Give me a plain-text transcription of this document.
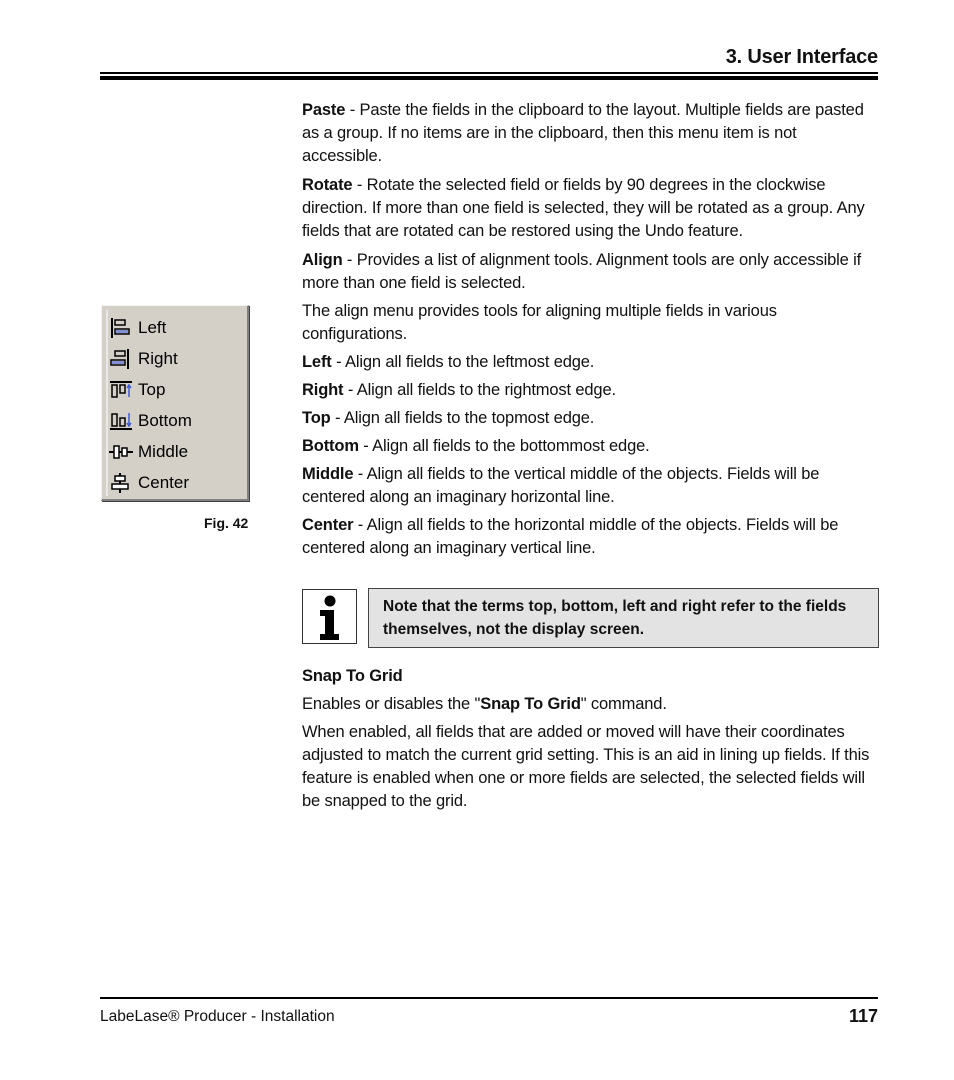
3. User Interface

Paste - Paste the fields in the clipboard to the layout. Multiple fields are pasted as a group. If no items are in the clipboard, then this menu item is not accessible.

Rotate - Rotate the selected field or fields by 90 degrees in the clockwise direction. If more than one field is selected, they will be rotated as a group. Any fields that are rotated can be restored using the Undo feature.

Align - Provides a list of alignment tools. Alignment tools are only accessible if more than one field is selected.

The align menu provides tools for aligning multiple fields in various configurations.

Left - Align all fields to the leftmost edge.

Right - Align all fields to the rightmost edge.

Top - Align all fields to the topmost edge.

Bottom - Align all fields to the bottommost edge.

Middle - Align all fields to the vertical middle of the objects. Fields will be centered along an imaginary horizontal line.

Center - Align all fields to the horizontal middle of the objects. Fields will be centered along an imaginary vertical line.

Left
Right
Top
Bottom
Middle
Center
Fig. 42
Note that the terms top, bottom, left and right refer to the fields themselves, not the display screen.
Snap To Grid

Enables or disables the "Snap To Grid" command.

When enabled, all fields that are added or moved will have their coordinates adjusted to match the current grid setting. This is an aid in lining up fields. If this feature is enabled when one or more fields are selected, the selected fields will be snapped to the grid.

LabeLase® Producer - Installation	117
